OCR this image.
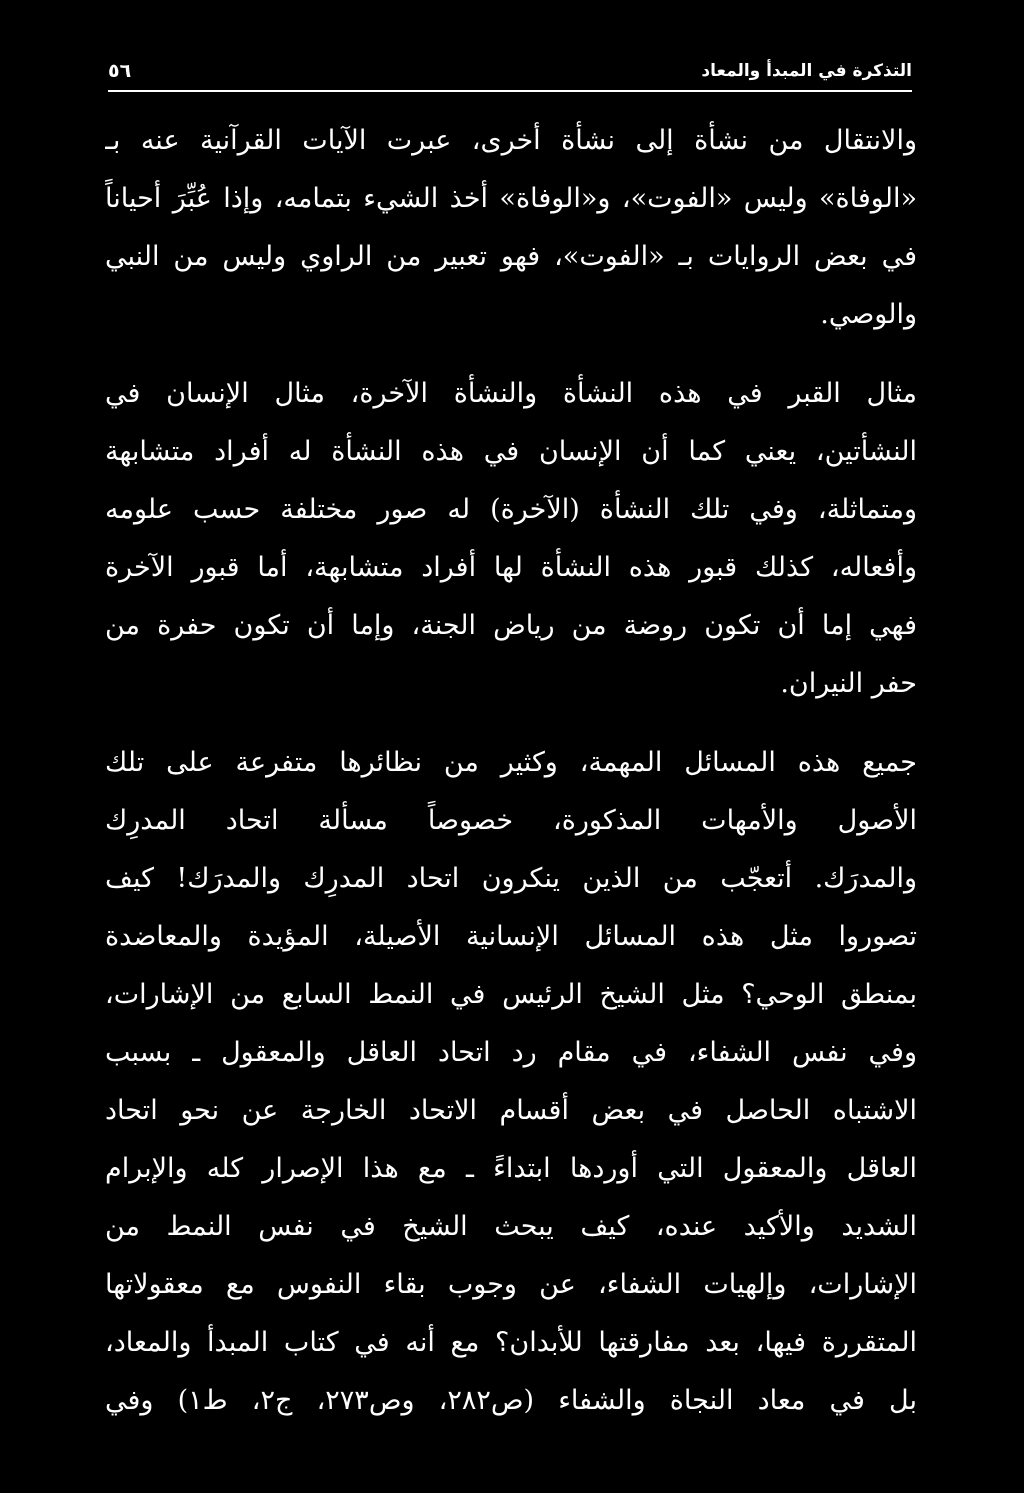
التذكرة في المبدأ والمعاد
٥٦
والانتقال من نشأة إلى نشأة أخرى، عبرت الآيات القرآنية عنه بـ
«الوفاة» وليس «الفوت»، و«الوفاة» أخذ الشيء بتمامه، وإذا عُبِّرَ أحياناً
في بعض الروايات بـ «الفوت»، فهو تعبير من الراوي وليس من النبي
والوصي.
مثال القبر في هذه النشأة والنشأة الآخرة، مثال الإنسان في
النشأتين، يعني كما أن الإنسان في هذه النشأة له أفراد متشابهة
ومتماثلة، وفي تلك النشأة (الآخرة) له صور مختلفة حسب علومه
وأفعاله، كذلك قبور هذه النشأة لها أفراد متشابهة، أما قبور الآخرة
فهي إما أن تكون روضة من رياض الجنة، وإما أن تكون حفرة من
حفر النيران.
جميع هذه المسائل المهمة، وكثير من نظائرها متفرعة على تلك
الأصول والأمهات المذكورة، خصوصاً مسألة اتحاد المدرِك
والمدرَك. أتعجّب من الذين ينكرون اتحاد المدرِك والمدرَك! كيف
تصوروا مثل هذه المسائل الإنسانية الأصيلة، المؤيدة والمعاضدة
بمنطق الوحي؟ مثل الشيخ الرئيس في النمط السابع من الإشارات،
وفي نفس الشفاء، في مقام رد اتحاد العاقل والمعقول ـ بسبب
الاشتباه الحاصل في بعض أقسام الاتحاد الخارجة عن نحو اتحاد
العاقل والمعقول التي أوردها ابتداءً ـ مع هذا الإصرار كله والإبرام
الشديد والأكيد عنده، كيف يبحث الشيخ في نفس النمط من
الإشارات، وإلهيات الشفاء، عن وجوب بقاء النفوس مع معقولاتها
المتقررة فيها، بعد مفارقتها للأبدان؟ مع أنه في كتاب المبدأ والمعاد،
بل في معاد النجاة والشفاء (ص٢٨٢، وص٢٧٣، ج٢، ط١) وفي
